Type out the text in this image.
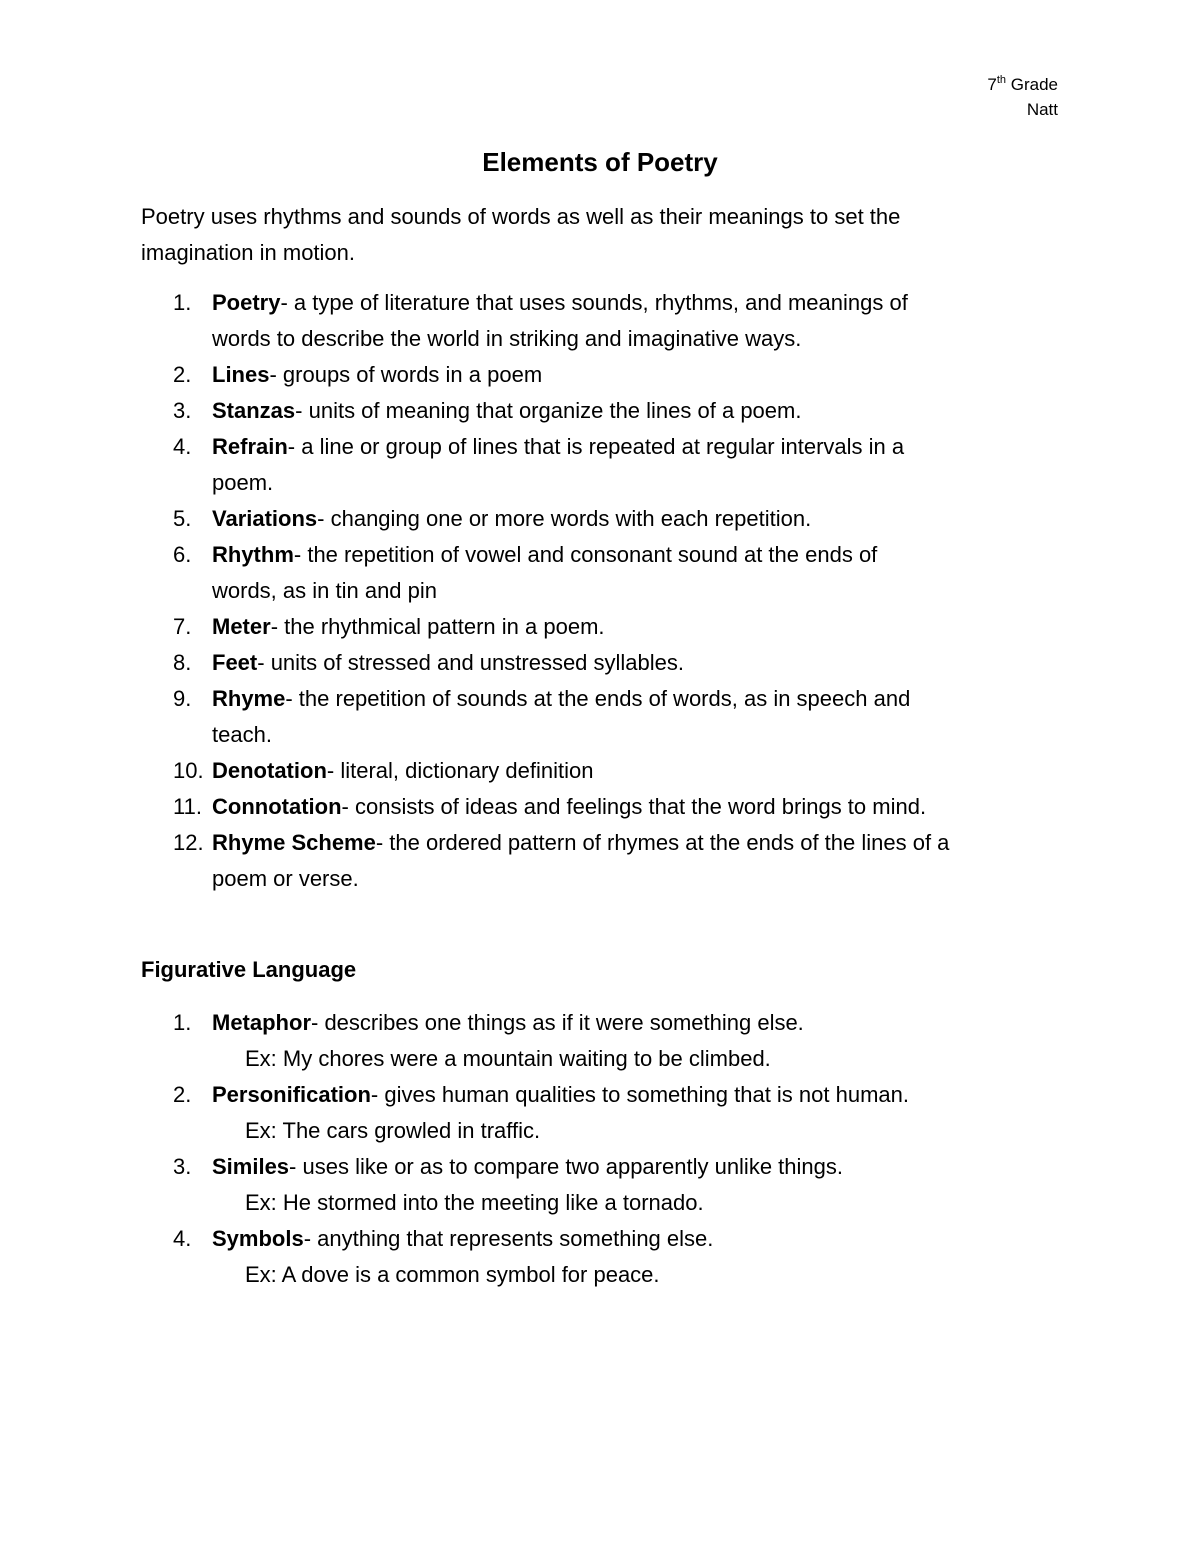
7th Grade
Natt
Elements of Poetry
Poetry uses rhythms and sounds of words as well as their meanings to set the
imagination in motion.
1. Poetry- a type of literature that uses sounds, rhythms, and meanings of
words to describe the world in striking and imaginative ways.
2. Lines- groups of words in a poem
3. Stanzas- units of meaning that organize the lines of a poem.
4. Refrain- a line or group of lines that is repeated at regular intervals in a
poem.
5. Variations- changing one or more words with each repetition.
6. Rhythm- the repetition of vowel and consonant sound at the ends of
words, as in tin and pin
7. Meter- the rhythmical pattern in a poem.
8. Feet- units of stressed and unstressed syllables.
9. Rhyme- the repetition of sounds at the ends of words, as in speech and
teach.
10. Denotation- literal, dictionary definition
11. Connotation- consists of ideas and feelings that the word brings to mind.
12. Rhyme Scheme- the ordered pattern of rhymes at the ends of the lines of a
poem or verse.
Figurative Language
1. Metaphor- describes one things as if it were something else.
Ex: My chores were a mountain waiting to be climbed.
2. Personification- gives human qualities to something that is not human.
Ex: The cars growled in traffic.
3. Similes- uses like or as to compare two apparently unlike things.
Ex: He stormed into the meeting like a tornado.
4. Symbols- anything that represents something else.
Ex: A dove is a common symbol for peace.
